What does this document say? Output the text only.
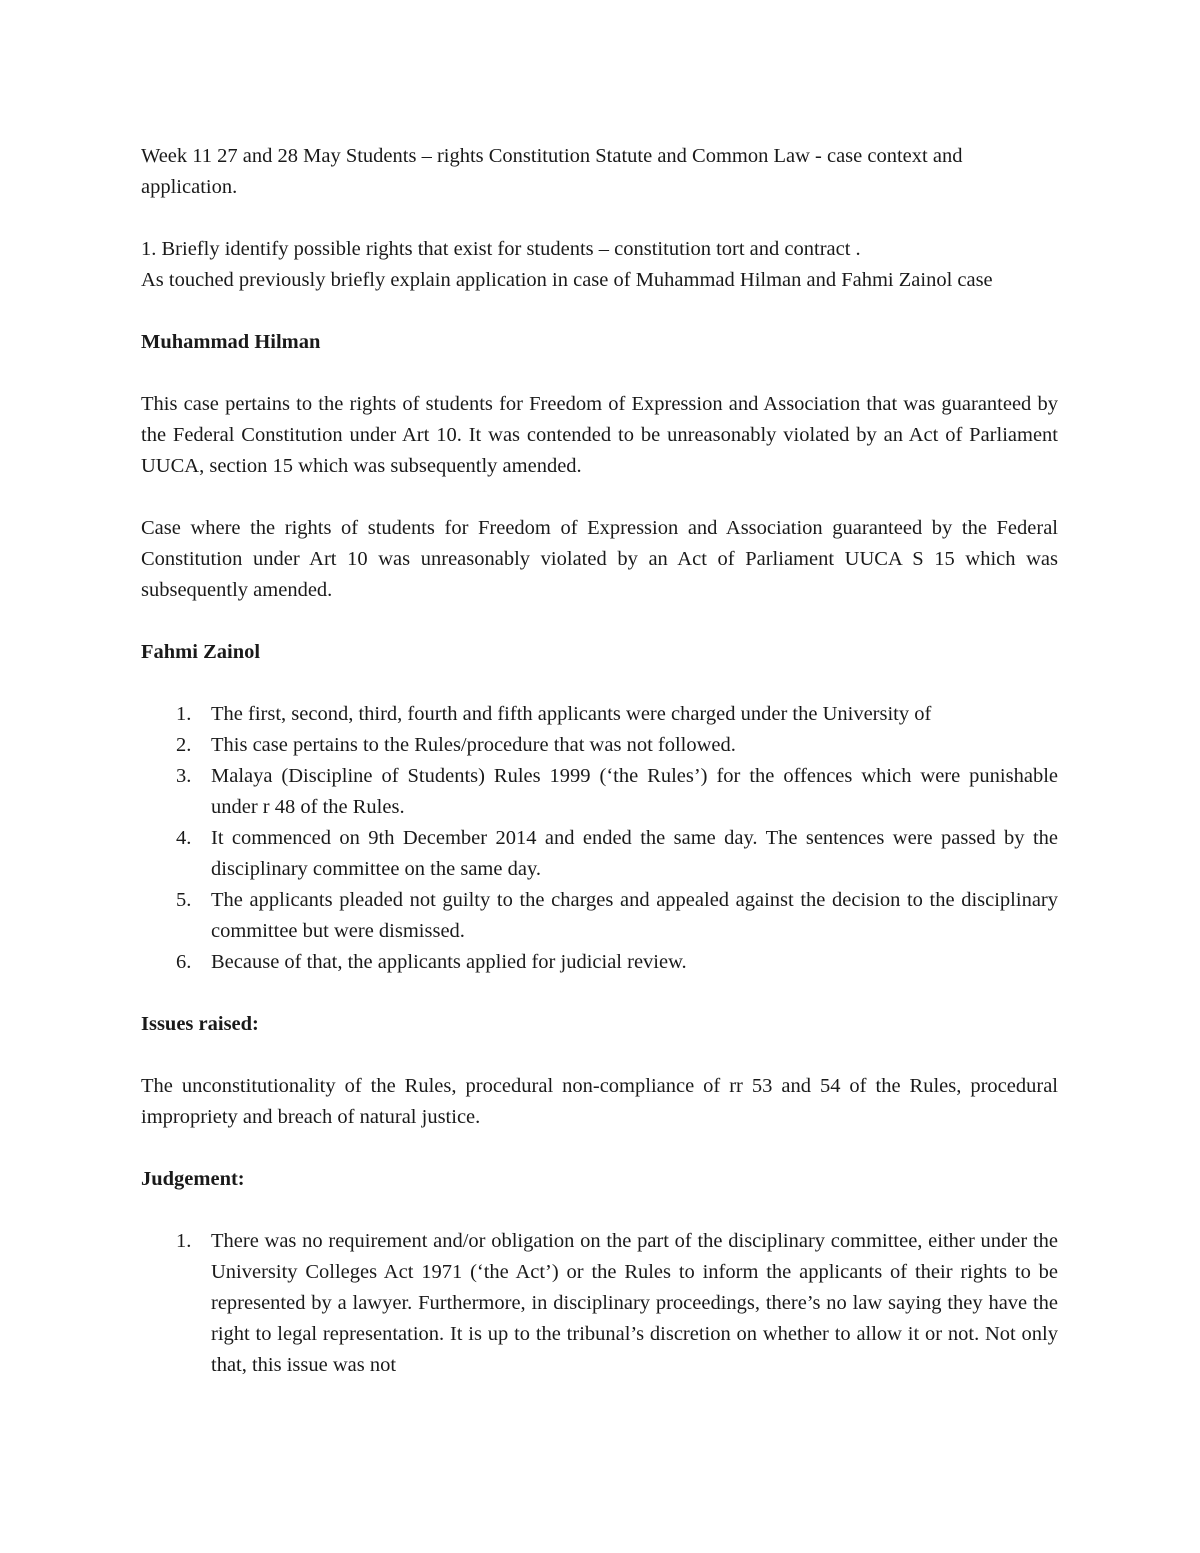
Week 11 27 and 28 May Students – rights Constitution Statute and Common Law - case context and application.

1. Briefly identify possible rights that exist for students – constitution tort and contract .

As touched previously briefly explain application in case of Muhammad Hilman and Fahmi Zainol case

Muhammad Hilman

This case pertains to the rights of students for Freedom of Expression and Association that was guaranteed by the Federal Constitution under Art 10. It was contended to be unreasonably violated by an Act of Parliament UUCA, section 15 which was subsequently amended.

Case where the rights of students for Freedom of Expression and Association guaranteed by the Federal Constitution under Art 10 was unreasonably violated by an Act of Parliament UUCA S 15 which was subsequently amended.

Fahmi Zainol

1. The first, second, third, fourth and fifth applicants were charged under the University of
2. This case pertains to the Rules/procedure that was not followed.
3. Malaya (Discipline of Students) Rules 1999 (‘the Rules’) for the offences which were punishable under r 48 of the Rules.
4. It commenced on 9th December 2014 and ended the same day. The sentences were passed by the disciplinary committee on the same day.
5. The applicants pleaded not guilty to the charges and appealed against the decision to the disciplinary committee but were dismissed.
6. Because of that, the applicants applied for judicial review.

Issues raised:

The unconstitutionality of the Rules, procedural non-compliance of rr 53 and 54 of the Rules, procedural impropriety and breach of natural justice.

Judgement:

1. There was no requirement and/or obligation on the part of the disciplinary committee, either under the University Colleges Act 1971 (‘the Act’) or the Rules to inform the applicants of their rights to be represented by a lawyer. Furthermore, in disciplinary proceedings, there’s no law saying they have the right to legal representation. It is up to the tribunal’s discretion on whether to allow it or not. Not only that, this issue was not
